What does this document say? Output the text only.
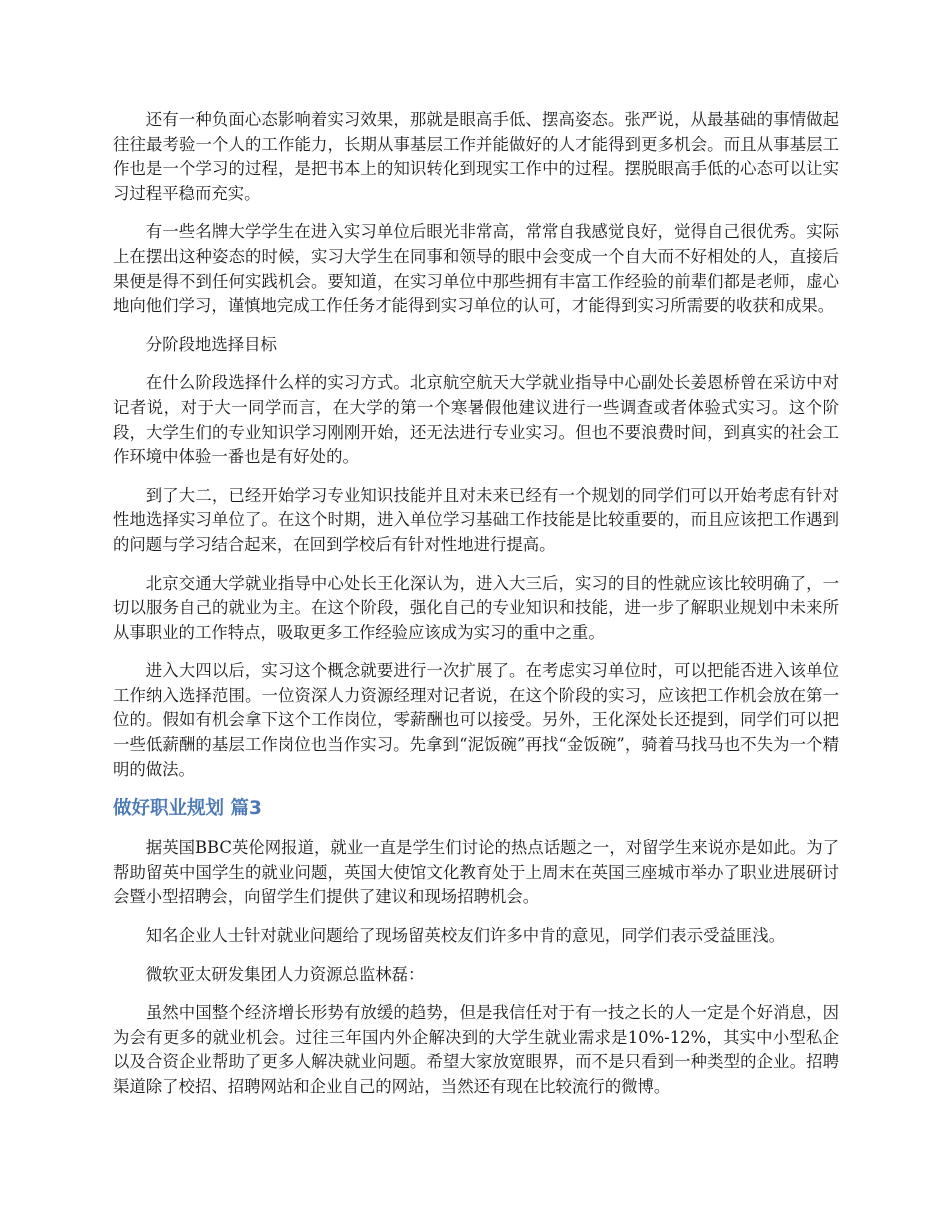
还有一种负面心态影响着实习效果，那就是眼高手低、摆高姿态。张严说，从最基础的事情做起往往最考验一个人的工作能力，长期从事基层工作并能做好的人才能得到更多机会。而且从事基层工作也是一个学习的过程，是把书本上的知识转化到现实工作中的过程。摆脱眼高手低的心态可以让实习过程平稳而充实。

有一些名牌大学学生在进入实习单位后眼光非常高，常常自我感觉良好，觉得自己很优秀。实际上在摆出这种姿态的时候，实习大学生在同事和领导的眼中会变成一个自大而不好相处的人，直接后果便是得不到任何实践机会。要知道，在实习单位中那些拥有丰富工作经验的前辈们都是老师，虚心地向他们学习，谨慎地完成工作任务才能得到实习单位的认可，才能得到实习所需要的收获和成果。

分阶段地选择目标

在什么阶段选择什么样的实习方式。北京航空航天大学就业指导中心副处长姜恩桥曾在采访中对记者说，对于大一同学而言，在大学的第一个寒暑假他建议进行一些调查或者体验式实习。这个阶段，大学生们的专业知识学习刚刚开始，还无法进行专业实习。但也不要浪费时间，到真实的社会工作环境中体验一番也是有好处的。

到了大二，已经开始学习专业知识技能并且对未来已经有一个规划的同学们可以开始考虑有针对性地选择实习单位了。在这个时期，进入单位学习基础工作技能是比较重要的，而且应该把工作遇到的问题与学习结合起来，在回到学校后有针对性地进行提高。

北京交通大学就业指导中心处长王化深认为，进入大三后，实习的目的性就应该比较明确了，一切以服务自己的就业为主。在这个阶段，强化自己的专业知识和技能，进一步了解职业规划中未来所从事职业的工作特点，吸取更多工作经验应该成为实习的重中之重。

进入大四以后，实习这个概念就要进行一次扩展了。在考虑实习单位时，可以把能否进入该单位工作纳入选择范围。一位资深人力资源经理对记者说，在这个阶段的实习，应该把工作机会放在第一位的。假如有机会拿下这个工作岗位，零薪酬也可以接受。另外，王化深处长还提到，同学们可以把一些低薪酬的基层工作岗位也当作实习。先拿到“泥饭碗”再找“金饭碗”，骑着马找马也不失为一个精明的做法。

做好职业规划 篇3

据英国BBC英伦网报道，就业一直是学生们讨论的热点话题之一，对留学生来说亦是如此。为了帮助留英中国学生的就业问题，英国大使馆文化教育处于上周末在英国三座城市举办了职业进展研讨会暨小型招聘会，向留学生们提供了建议和现场招聘机会。

知名企业人士针对就业问题给了现场留英校友们许多中肯的意见，同学们表示受益匪浅。

微软亚太研发集团人力资源总监林磊：

虽然中国整个经济增长形势有放缓的趋势，但是我信任对于有一技之长的人一定是个好消息，因为会有更多的就业机会。过往三年国内外企解决到的大学生就业需求是10%-12%，其实中小型私企以及合资企业帮助了更多人解决就业问题。希望大家放宽眼界，而不是只看到一种类型的企业。招聘渠道除了校招、招聘网站和企业自己的网站，当然还有现在比较流行的微博。
